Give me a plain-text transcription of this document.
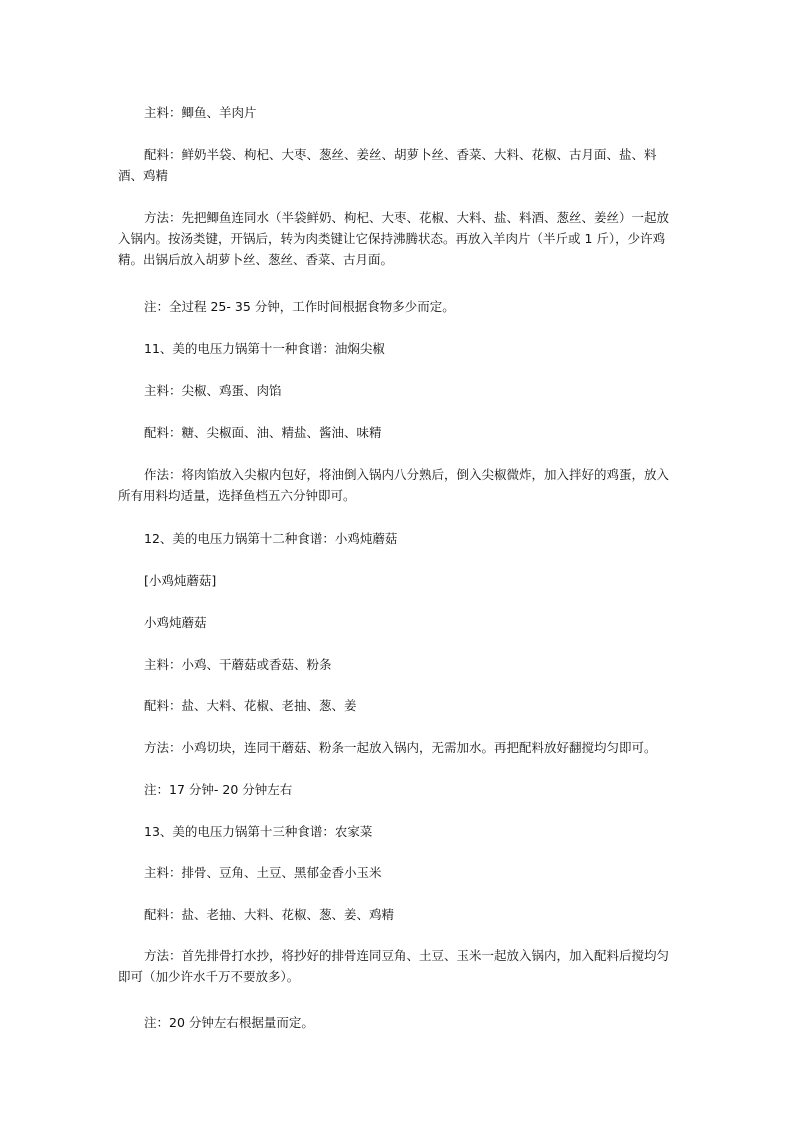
主料：鲫鱼、羊肉片

配料：鲜奶半袋、枸杞、大枣、葱丝、姜丝、胡萝卜丝、香菜、大料、花椒、古月面、盐、料酒、鸡精

方法：先把鲫鱼连同水（半袋鲜奶、枸杞、大枣、花椒、大料、盐、料酒、葱丝、姜丝）一起放入锅内。按汤类键，开锅后，转为肉类键让它保持沸腾状态。再放入羊肉片（半斤或 1 斤），少许鸡精。出锅后放入胡萝卜丝、葱丝、香菜、古月面。

注：全过程 25- 35 分钟，工作时间根据食物多少而定。

11、美的电压力锅第十一种食谱：油焖尖椒

主料：尖椒、鸡蛋、肉馅

配料：糖、尖椒面、油、精盐、酱油、味精

作法：将肉馅放入尖椒内包好，将油倒入锅内八分熟后，倒入尖椒微炸，加入拌好的鸡蛋，放入所有用料均适量，选择鱼档五六分钟即可。

12、美的电压力锅第十二种食谱：小鸡炖蘑菇

[小鸡炖蘑菇]

小鸡炖蘑菇

主料：小鸡、干蘑菇或香菇、粉条

配料：盐、大料、花椒、老抽、葱、姜

方法：小鸡切块，连同干蘑菇、粉条一起放入锅内，无需加水。再把配料放好翻搅均匀即可。

注：17 分钟- 20 分钟左右

13、美的电压力锅第十三种食谱：农家菜

主料：排骨、豆角、土豆、黑郁金香小玉米

配料：盐、老抽、大料、花椒、葱、姜、鸡精

方法：首先排骨打水抄，将抄好的排骨连同豆角、土豆、玉米一起放入锅内，加入配料后搅均匀即可（加少许水千万不要放多）。

注：20 分钟左右根据量而定。
